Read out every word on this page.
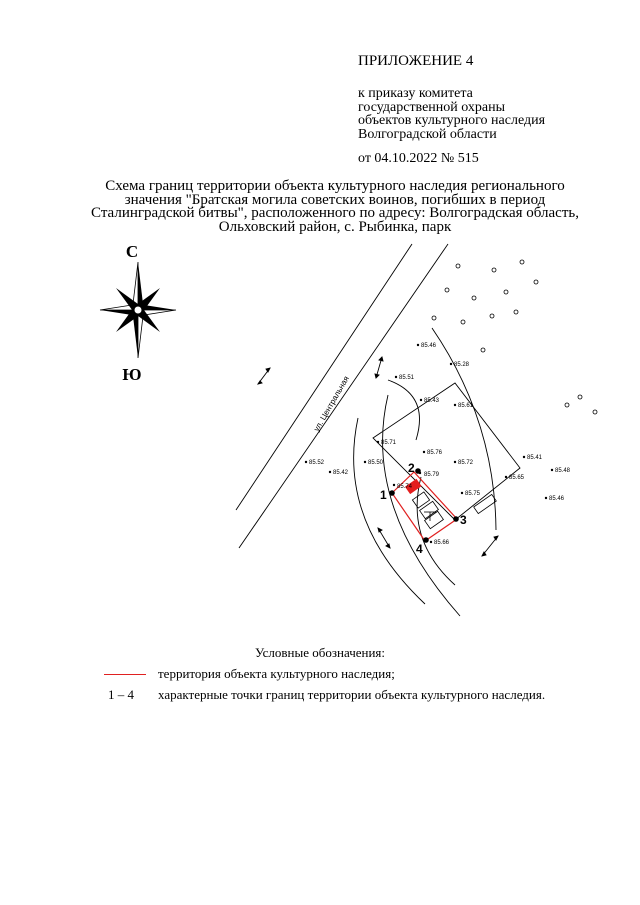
ПРИЛОЖЕНИЕ 4
к приказу комитета
государственной охраны
объектов культурного наследия
Волгоградской области
от 04.10.2022 № 515
Схема границ территории объекта культурного наследия регионального
значения "Братская могила советских воинов, погибших в период
Сталинградской битвы", расположенного по адресу: Волгоградская область,
Ольховский район, с. Рыбинка, парк
С
Ю
ул. Центральная
1
2
3
4
85.46
85.28
85.51
85.43
85.61
85.71
85.76
85.72
85.41
85.52	85.50
85.42	85.79	85.65
85.48
85.74
85.75
85.46
85.66
Условные обозначения:
территория объекта культурного наследия;
1 – 4 характерные точки границ территории объекта культурного наследия.
